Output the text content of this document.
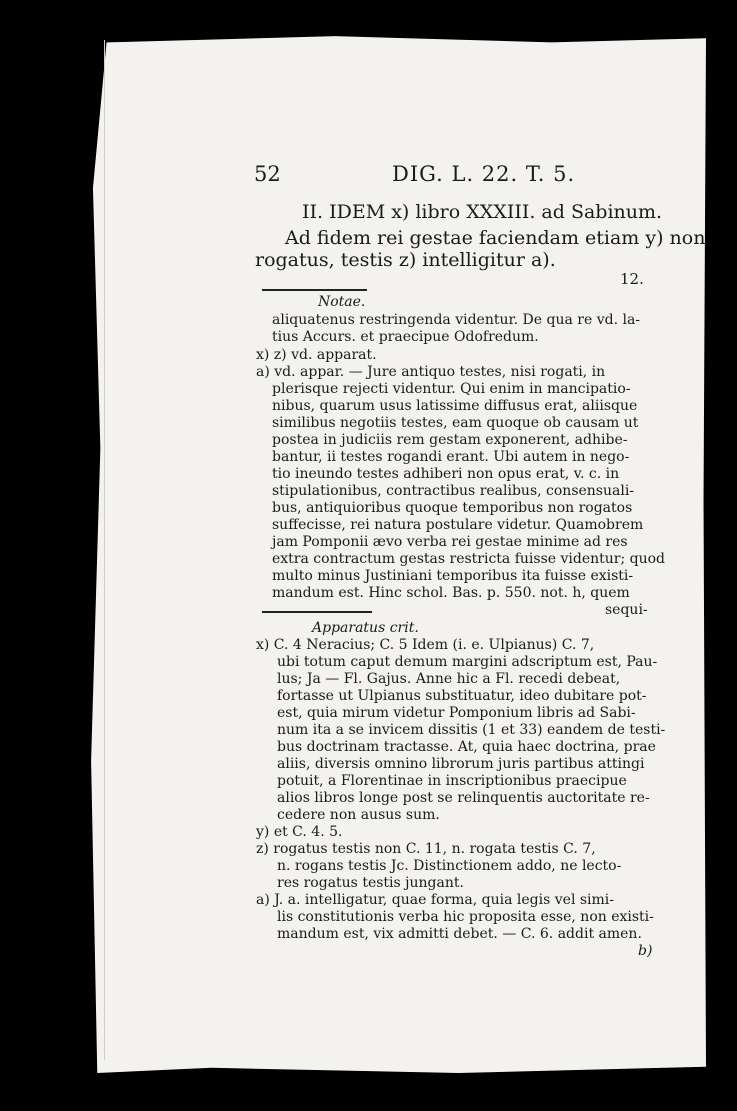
52	DIG. L. 22. T. 5.
II. IDEM x) libro XXXIII. ad Sabinum.
Ad fidem rei gestae faciendam etiam y) non
rogatus, testis z) intelligitur a).
12.
Notae.
aliquatenus restringenda videntur. De qua re vd. la-
tius Accurs. et praecipue Odofredum.
x) z) vd. apparat.
a) vd. appar. — Jure antiquo testes, nisi rogati, in
plerisque rejecti videntur. Qui enim in mancipatio-
nibus, quarum usus latissime diffusus erat, aliisque
similibus negotiis testes, eam quoque ob causam ut
postea in judiciis rem gestam exponerent, adhibe-
bantur, ii testes rogandi erant. Ubi autem in nego-
tio ineundo testes adhiberi non opus erat, v. c. in
stipulationibus, contractibus realibus, consensuali-
bus, antiquioribus quoque temporibus non rogatos
suffecisse, rei natura postulare videtur. Quamobrem
jam Pomponii ævo verba rei gestae minime ad res
extra contractum gestas restricta fuisse videntur; quod
multo minus Justiniani temporibus ita fuisse existi-
mandum est. Hinc schol. Bas. p. 550. not. h, quem
sequi-
Apparatus crit.
x) C. 4 Neracius; C. 5 Idem (i. e. Ulpianus) C. 7,
ubi totum caput demum margini adscriptum est, Pau-
lus; Ja — Fl. Gajus. Anne hic a Fl. recedi debeat,
fortasse ut Ulpianus substituatur, ideo dubitare pot-
est, quia mirum videtur Pomponium libris ad Sabi-
num ita a se invicem dissitis (1 et 33) eandem de testi-
bus doctrinam tractasse. At, quia haec doctrina, prae
aliis, diversis omnino librorum juris partibus attingi
potuit, a Florentinae in inscriptionibus praecipue
alios libros longe post se relinquentis auctoritate re-
cedere non ausus sum.
y) et C. 4. 5.
z) rogatus testis non C. 11, n. rogata testis C. 7,
n. rogans testis Jc. Distinctionem addo, ne lecto-
res rogatus testis jungant.
a) J. a. intelligatur, quae forma, quia legis vel simi-
lis constitutionis verba hic proposita esse, non existi-
mandum est, vix admitti debet. — C. 6. addit amen.
b)
